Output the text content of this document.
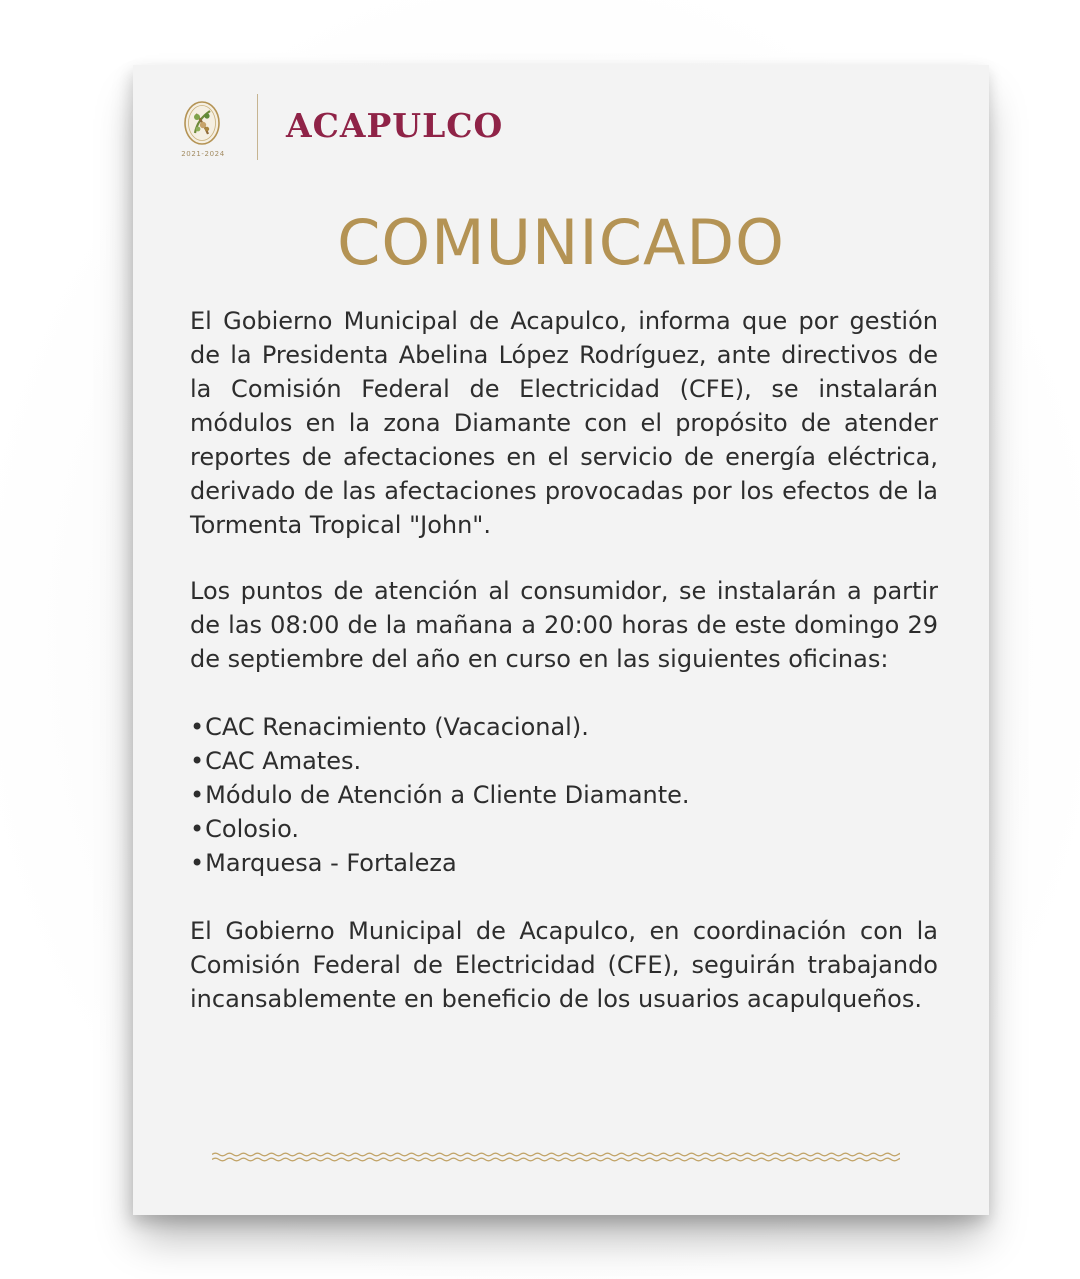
2021-2024
ACAPULCO
COMUNICADO
El Gobierno Municipal de Acapulco, informa que por gestión de la Presidenta Abelina López Rodríguez, ante directivos de la Comisión Federal de Electricidad (CFE), se instalarán módulos en la zona Diamante con el propósito de atender reportes de afectaciones en el servicio de energía eléctrica, derivado de las afectaciones provocadas por los efectos de la Tormenta Tropical "John".
Los puntos de atención al consumidor, se instalarán a partir de las 08:00 de la mañana a 20:00 horas de este domingo 29 de septiembre del año en curso en las siguientes oficinas:
•CAC Renacimiento (Vacacional).
•CAC Amates.
•Módulo de Atención a Cliente Diamante.
•Colosio.
•Marquesa - Fortaleza
El Gobierno Municipal de Acapulco, en coordinación con la Comisión Federal de Electricidad (CFE), seguirán trabajando incansablemente en beneficio de los usuarios acapulqueños.
